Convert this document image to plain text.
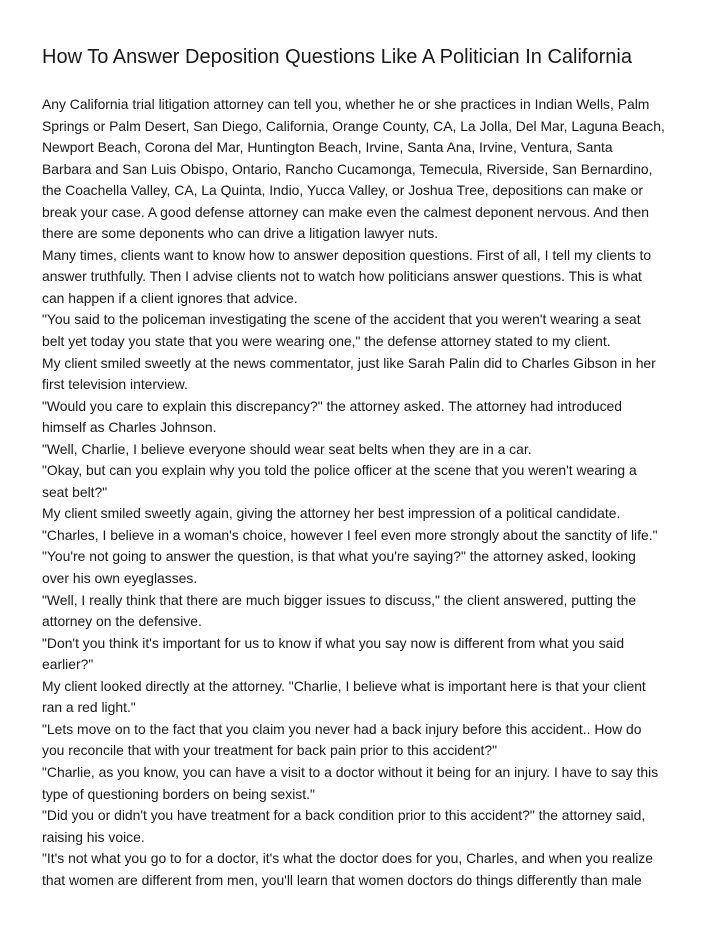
How To Answer Deposition Questions Like A Politician In California
Any California trial litigation attorney can tell you, whether he or she practices in Indian Wells, Palm
Springs or Palm Desert, San Diego, California, Orange County, CA, La Jolla, Del Mar, Laguna Beach,
Newport Beach, Corona del Mar, Huntington Beach, Irvine, Santa Ana, Irvine, Ventura, Santa
Barbara and San Luis Obispo, Ontario, Rancho Cucamonga, Temecula, Riverside, San Bernardino,
the Coachella Valley, CA, La Quinta, Indio, Yucca Valley, or Joshua Tree, depositions can make or
break your case. A good defense attorney can make even the calmest deponent nervous. And then
there are some deponents who can drive a litigation lawyer nuts.
Many times, clients want to know how to answer deposition questions. First of all, I tell my clients to
answer truthfully. Then I advise clients not to watch how politicians answer questions. This is what
can happen if a client ignores that advice.
"You said to the policeman investigating the scene of the accident that you weren't wearing a seat
belt yet today you state that you were wearing one," the defense attorney stated to my client.
My client smiled sweetly at the news commentator, just like Sarah Palin did to Charles Gibson in her
first television interview.
"Would you care to explain this discrepancy?" the attorney asked. The attorney had introduced
himself as Charles Johnson.
"Well, Charlie, I believe everyone should wear seat belts when they are in a car.
"Okay, but can you explain why you told the police officer at the scene that you weren't wearing a
seat belt?"
My client smiled sweetly again, giving the attorney her best impression of a political candidate.
"Charles, I believe in a woman's choice, however I feel even more strongly about the sanctity of life."
"You're not going to answer the question, is that what you're saying?" the attorney asked, looking
over his own eyeglasses.
"Well, I really think that there are much bigger issues to discuss," the client answered, putting the
attorney on the defensive.
"Don't you think it's important for us to know if what you say now is different from what you said
earlier?"
My client looked directly at the attorney. "Charlie, I believe what is important here is that your client
ran a red light."
"Lets move on to the fact that you claim you never had a back injury before this accident.. How do
you reconcile that with your treatment for back pain prior to this accident?"
"Charlie, as you know, you can have a visit to a doctor without it being for an injury. I have to say this
type of questioning borders on being sexist."
"Did you or didn't you have treatment for a back condition prior to this accident?" the attorney said,
raising his voice.
"It's not what you go to for a doctor, it's what the doctor does for you, Charles, and when you realize
that women are different from men, you'll learn that women doctors do things differently than male
